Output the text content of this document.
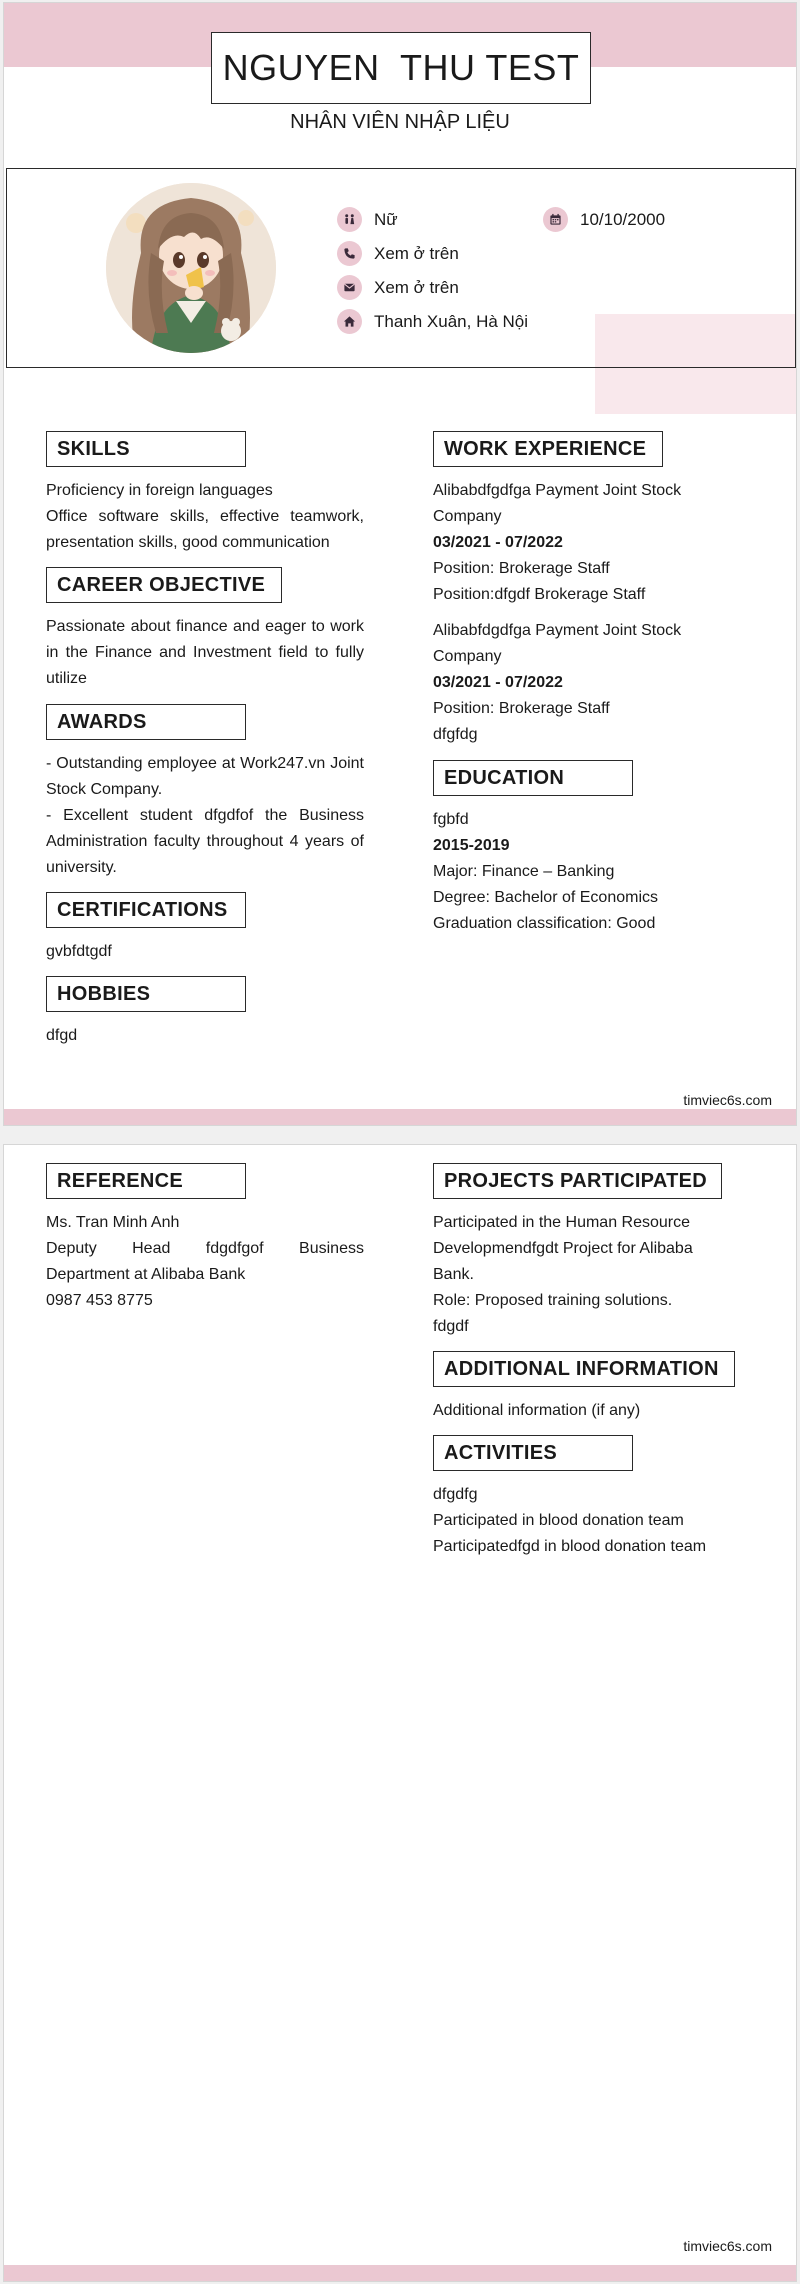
NGUYEN  THU TEST
NHÂN VIÊN NHẬP LIỆU
Nữ	10/10/2000
Xem ở trên
Xem ở trên
Thanh Xuân, Hà Nội
SKILLS
Proficiency in foreign languages
Office software skills, effective teamwork, presentation skills, good communication
CAREER OBJECTIVE
Passionate about finance and eager to work in the Finance and Investment field to fully utilize
AWARDS
- Outstanding employee at Work247.vn Joint Stock Company.
- Excellent student dfgdfof the Business Administration faculty throughout 4 years of university.
CERTIFICATIONS
gvbfdtgdf
HOBBIES
dfgd
WORK EXPERIENCE
Alibabdfgdfga Payment Joint Stock Company
03/2021 - 07/2022
Position: Brokerage Staff
Position:dfgdf Brokerage Staff
Alibabfdgdfga Payment Joint Stock Company
03/2021 - 07/2022
Position: Brokerage Staff
dfgfdg
EDUCATION
fgbfd
2015-2019
Major: Finance – Banking
Degree: Bachelor of Economics
Graduation classification: Good
timviec6s.com
REFERENCE
Ms. Tran Minh Anh
Deputy Head fdgdfgof Business
Department at Alibaba Bank
0987 453 8775
PROJECTS PARTICIPATED
Participated in the Human Resource
Developmendfgdt Project for Alibaba
Bank.
Role: Proposed training solutions.
fdgdf
ADDITIONAL INFORMATION
Additional information (if any)
ACTIVITIES
dfgdfg
Participated in blood donation team
Participatedfgd in blood donation team
timviec6s.com
